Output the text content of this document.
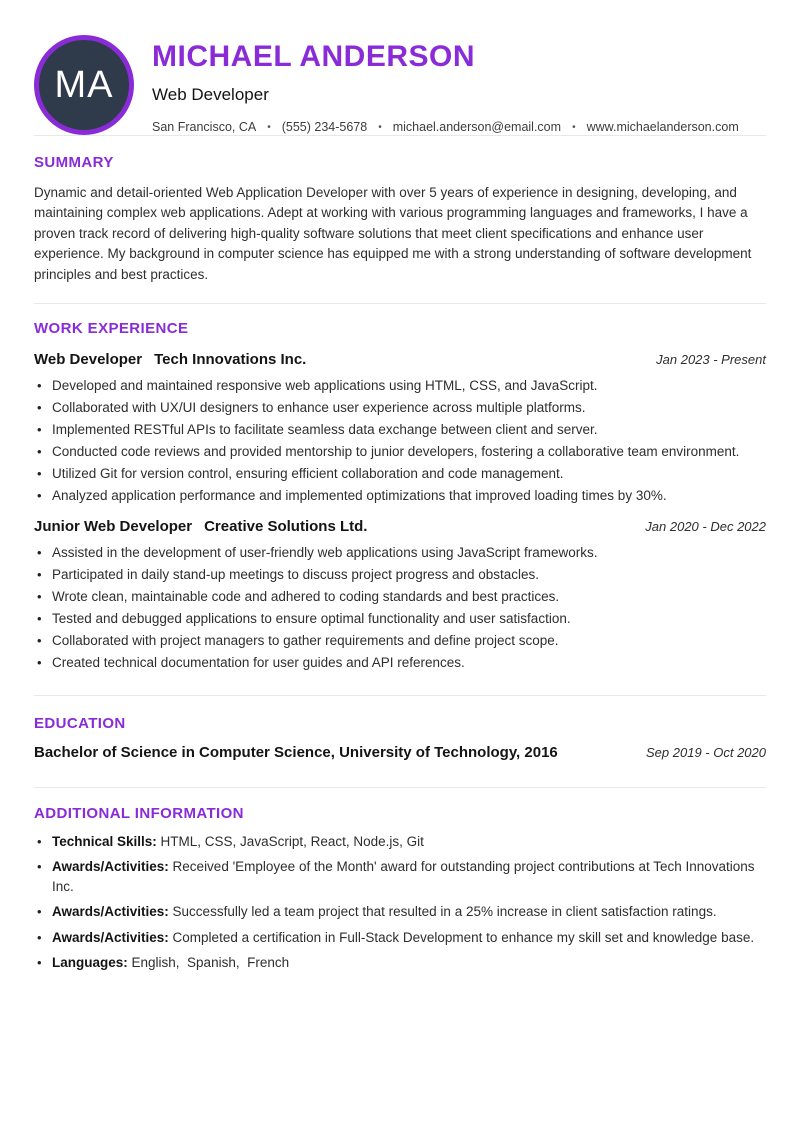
MA
MICHAEL ANDERSON
Web Developer
San Francisco, CA • (555) 234-5678 • michael.anderson@email.com • www.michaelanderson.com
SUMMARY

Dynamic and detail-oriented Web Application Developer with over 5 years of experience in designing, developing, and maintaining complex web applications. Adept at working with various programming languages and frameworks, I have a proven track record of delivering high-quality software solutions that meet client specifications and enhance user experience. My background in computer science has equipped me with a strong understanding of software development principles and best practices.

WORK EXPERIENCE
Web Developer Tech Innovations Inc.	Jan 2023 - Present
• Developed and maintained responsive web applications using HTML, CSS, and JavaScript.
• Collaborated with UX/UI designers to enhance user experience across multiple platforms.
• Implemented RESTful APIs to facilitate seamless data exchange between client and server.
• Conducted code reviews and provided mentorship to junior developers, fostering a collaborative team environment.
• Utilized Git for version control, ensuring efficient collaboration and code management.
• Analyzed application performance and implemented optimizations that improved loading times by 30%.
Junior Web Developer Creative Solutions Ltd.	Jan 2020 - Dec 2022
• Assisted in the development of user-friendly web applications using JavaScript frameworks.
• Participated in daily stand-up meetings to discuss project progress and obstacles.
• Wrote clean, maintainable code and adhered to coding standards and best practices.
• Tested and debugged applications to ensure optimal functionality and user satisfaction.
• Collaborated with project managers to gather requirements and define project scope.
• Created technical documentation for user guides and API references.
EDUCATION
Bachelor of Science in Computer Science, University of Technology, 2016	Sep 2019 - Oct 2020
ADDITIONAL INFORMATION
• Technical Skills: HTML, CSS, JavaScript, React, Node.js, Git
• Awards/Activities: Received 'Employee of the Month' award for outstanding project contributions at Tech Innovations Inc.
• Awards/Activities: Successfully led a team project that resulted in a 25% increase in client satisfaction ratings.
• Awards/Activities: Completed a certification in Full-Stack Development to enhance my skill set and knowledge base.
• Languages: English,  Spanish,  French
